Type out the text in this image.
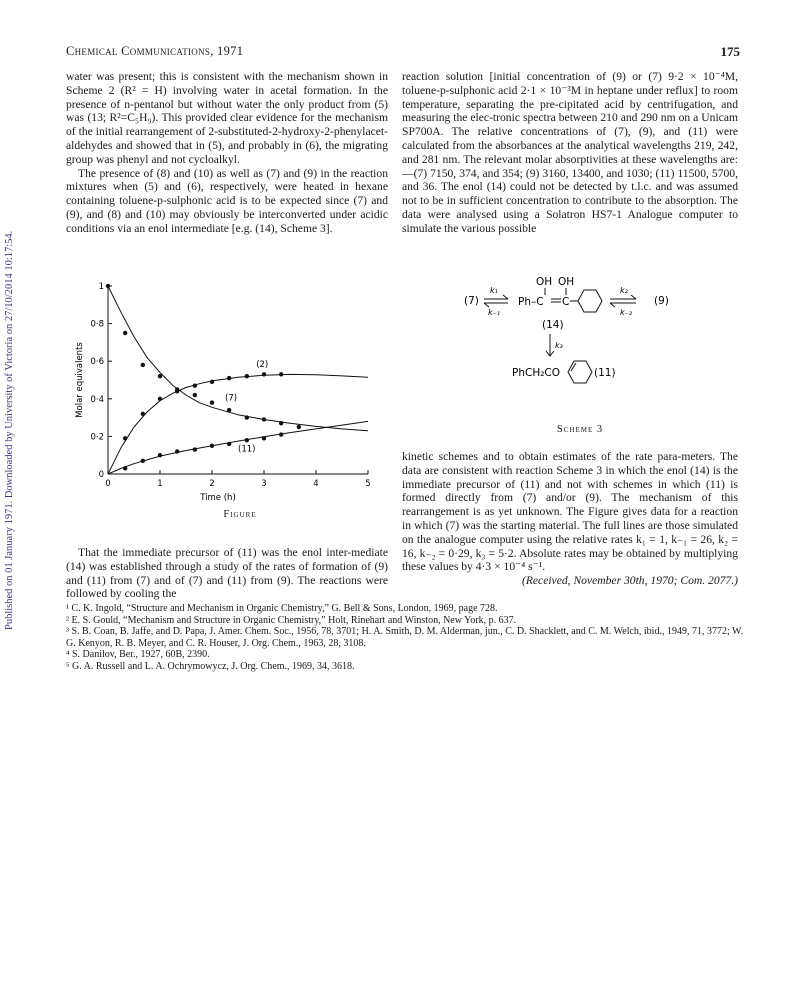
Published on 01 January 1971. Downloaded by University of Victoria on 27/10/2014 10:17:54.
Chemical Communications, 1971	175

water was present; this is consistent with the mechanism shown in Scheme 2 (R² = H) involving water in acetal formation. In the presence of n-pentanol but without water the only product from (5) was (13; R²=C₅H₉). This provided clear evidence for the mechanism of the initial rearrangement of 2-substituted-2-hydroxy-2-phenylacet-aldehydes and showed that in (5), and probably in (6), the migrating group was phenyl and not cycloalkyl.

The presence of (8) and (10) as well as (7) and (9) in the reaction mixtures when (5) and (6), respectively, were heated in hexane containing toluene-p-sulphonic acid is to be expected since (7) and (9), and (8) and (10) may obviously be interconverted under acidic conditions via an enol intermediate [e.g. (14), Scheme 3].

reaction solution [initial concentration of (9) or (7) 9·2 × 10⁻⁴M, toluene-p-sulphonic acid 2·1 × 10⁻³M in heptane under reflux] to room temperature, separating the pre-cipitated acid by centrifugation, and measuring the elec-tronic spectra between 210 and 290 nm on a Unicam SP700A. The relative concentrations of (7), (9), and (11) were calculated from the absorbances at the analytical wavelengths 219, 242, and 281 nm. The relevant molar absorptivities at these wavelengths are:—(7) 7150, 374, and 354; (9) 3160, 13400, and 1030; (11) 11500, 5700, and 36. The enol (14) could not be detected by t.l.c. and was assumed not to be in sufficient concentration to contribute to the absorption. The data were analysed using a Solatron HS7-1 Analogue computer to simulate the various possible

0	1	2	3	4	5
0
0·2
0·4
0·6
0·8
1
Time (h)
Molar equivalents	(2)
(7)
(11)
Figure
(7)
k₁
k₋₁
OH OH
Ph–C C
(14)
k₂
k₋₂
(9)
k₃
PhCH₂CO	(11)
Scheme 3

kinetic schemes and to obtain estimates of the rate para-meters. The data are consistent with reaction Scheme 3 in which the enol (14) is the immediate precursor of (11) and not with schemes in which (11) is formed directly from (7) and/or (9). The mechanism of this rearrangement is as yet unknown. The Figure gives data for a reaction in which (7) was the starting material. The full lines are those simulated on the analogue computer using the relative rates k₁ = 1, k₋₁ = 26, k₂ = 16, k₋₂ = 0·29, k₃ = 5·2. Absolute rates may be obtained by multiplying these values by 4·3 × 10⁻⁴ s⁻¹.

That the immediate precursor of (11) was the enol inter-mediate (14) was established through a study of the rates of formation of (9) and (11) from (7) and of (7) and (11) from (9). The reactions were followed by cooling the

(Received, November 30th, 1970; Com. 2077.)

¹ C. K. Ingold, “Structure and Mechanism in Organic Chemistry,” G. Bell & Sons, London, 1969, page 728.

² E. S. Gould, “Mechanism and Structure in Organic Chemistry,” Holt, Rinehart and Winston, New York, p. 637.

³ S. B. Coan, B. Jaffe, and D. Papa, J. Amer. Chem. Soc., 1956, 78, 3701; H. A. Smith, D. M. Alderman, jun., C. D. Shacklett, and C. M. Welch, ibid., 1949, 71, 3772; W. G. Kenyon, R. B. Meyer, and C. R. Houser, J. Org. Chem., 1963, 28, 3108.

⁴ S. Danilov, Ber., 1927, 60B, 2390.

⁵ G. A. Russell and L. A. Ochrymowycz, J. Org. Chem., 1969, 34, 3618.
